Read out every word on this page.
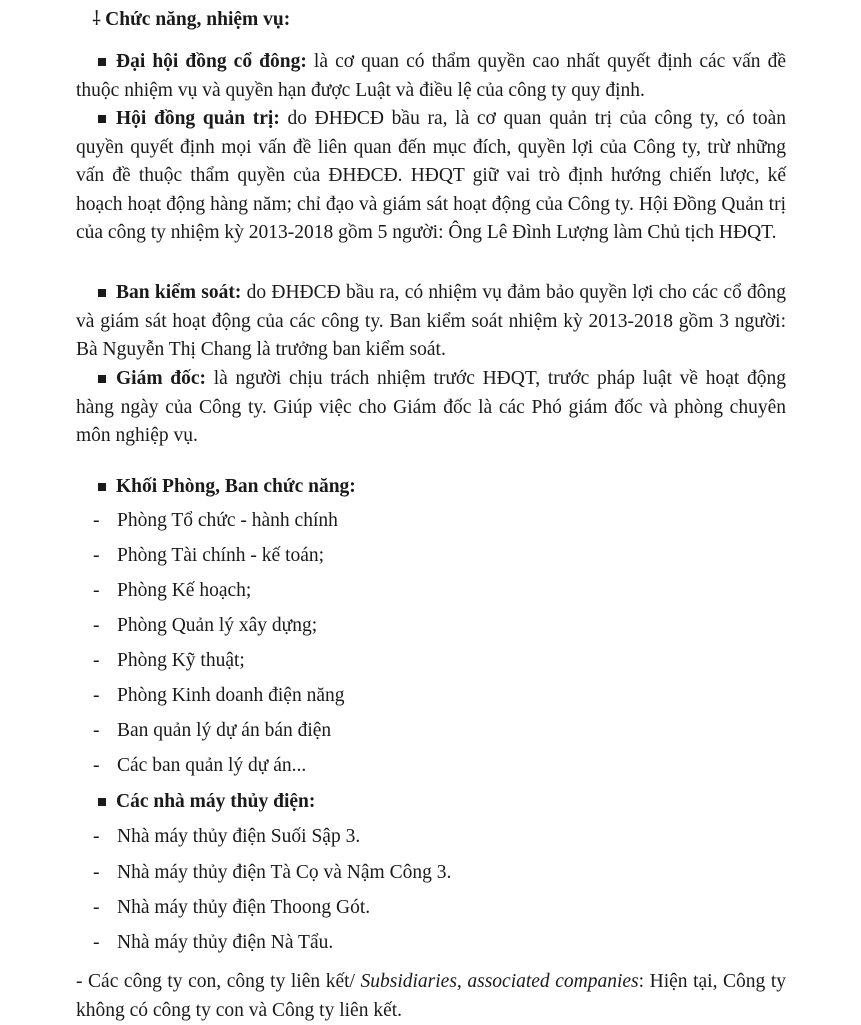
⸸ Chức năng, nhiệm vụ:
Đại hội đồng cổ đông: là cơ quan có thẩm quyền cao nhất quyết định các vấn đề thuộc nhiệm vụ và quyền hạn được Luật và điều lệ của công ty quy định.
Hội đồng quản trị: do ĐHĐCĐ bầu ra, là cơ quan quản trị của công ty, có toàn quyền quyết định mọi vấn đề liên quan đến mục đích, quyền lợi của Công ty, trừ những vấn đề thuộc thẩm quyền của ĐHĐCĐ. HĐQT giữ vai trò định hướng chiến lược, kế hoạch hoạt động hàng năm; chỉ đạo và giám sát hoạt động của Công ty. Hội Đồng Quản trị của công ty nhiệm kỳ 2013-2018 gồm 5 người: Ông Lê Đình Lượng làm Chủ tịch HĐQT.
Ban kiểm soát: do ĐHĐCĐ bầu ra, có nhiệm vụ đảm bảo quyền lợi cho các cổ đông và giám sát hoạt động của các công ty. Ban kiểm soát nhiệm kỳ 2013-2018 gồm 3 người: Bà Nguyễn Thị Chang là trưởng ban kiểm soát.
Giám đốc: là người chịu trách nhiệm trước HĐQT, trước pháp luật về hoạt động hàng ngày của Công ty. Giúp việc cho Giám đốc là các Phó giám đốc và phòng chuyên môn nghiệp vụ.
Khối Phòng, Ban chức năng:
- Phòng Tổ chức - hành chính
- Phòng Tài chính - kế toán;
- Phòng Kế hoạch;
- Phòng Quản lý xây dựng;
- Phòng Kỹ thuật;
- Phòng Kinh doanh điện năng
- Ban quản lý dự án bán điện
- Các ban quản lý dự án...
Các nhà máy thủy điện:
- Nhà máy thủy điện Suối Sập 3.
- Nhà máy thủy điện Tà Cọ và Nậm Công 3.
- Nhà máy thủy điện Thoong Gót.
- Nhà máy thủy điện Nà Tẩu.
- Các công ty con, công ty liên kết/ Subsidiaries, associated companies: Hiện tại, Công ty không có công ty con và Công ty liên kết.
